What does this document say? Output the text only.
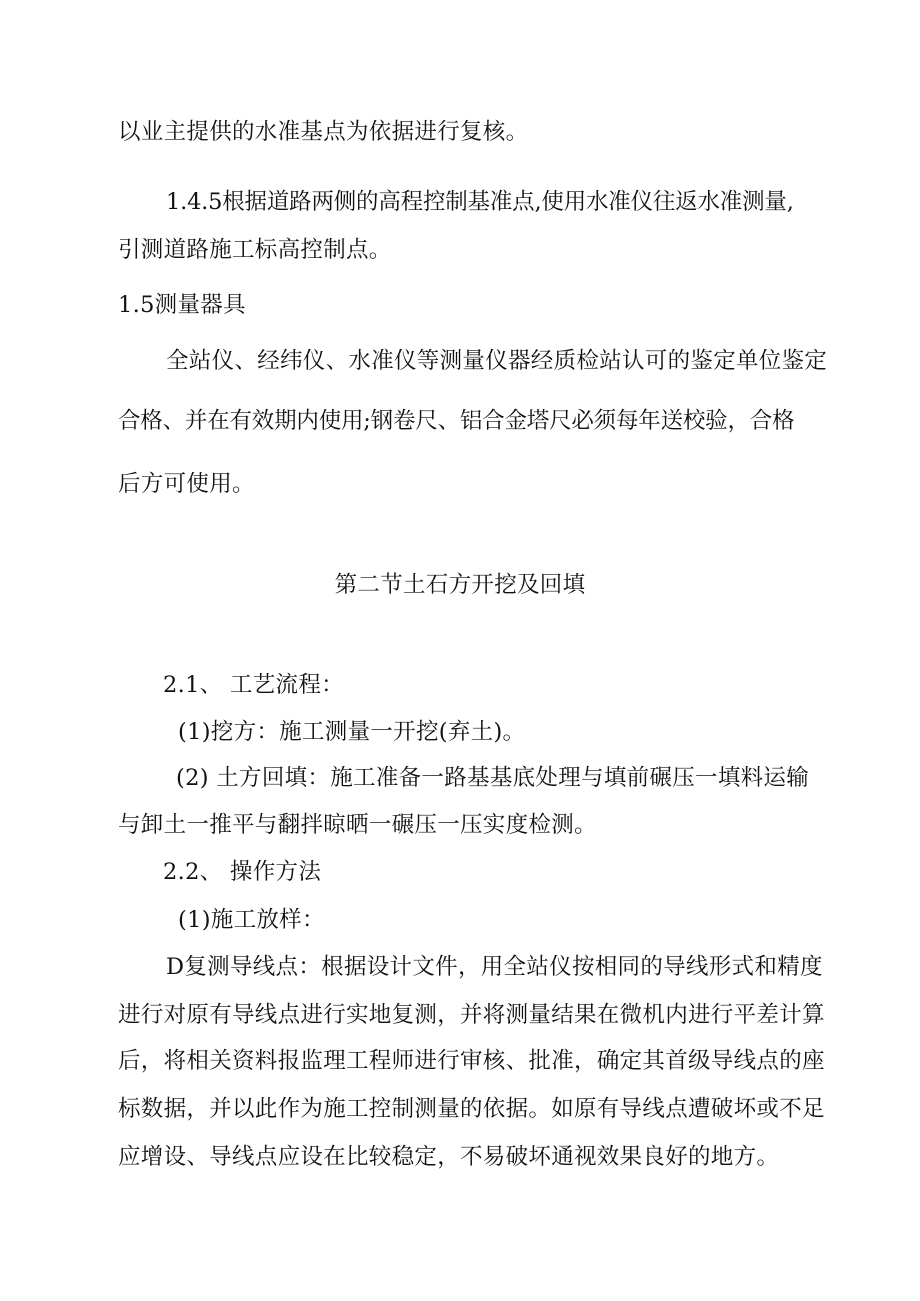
以业主提供的水准基点为依据进行复核。
1.4.5根据道路两侧的高程控制基准点,使用水准仪往返水准测量,
引测道路施工标高控制点。
1.5测量器具
全站仪、经纬仪、水准仪等测量仪器经质检站认可的鉴定单位鉴定
合格、并在有效期内使用;钢卷尺、铝合金塔尺必须每年送校验，合格
后方可使用。
第二节土石方开挖及回填
2.1、 工艺流程：
(1)挖方：施工测量一开挖(弃土)。
(2) 土方回填：施工准备一路基基底处理与填前碾压一填料运输
与卸土一推平与翻拌晾晒一碾压一压实度检测。
2.2、 操作方法
(1)施工放样：
D复测导线点：根据设计文件，用全站仪按相同的导线形式和精度
进行对原有导线点进行实地复测，并将测量结果在微机内进行平差计算
后，将相关资料报监理工程师进行审核、批准，确定其首级导线点的座
标数据，并以此作为施工控制测量的依据。如原有导线点遭破坏或不足
应增设、导线点应设在比较稳定，不易破坏通视效果良好的地方。
